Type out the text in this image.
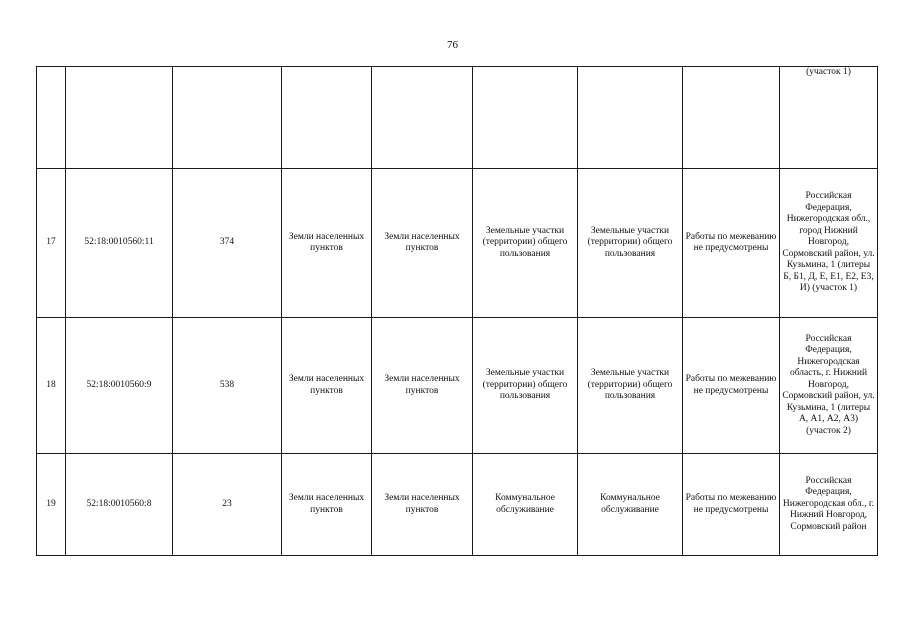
76
								(участок 1)
17	52:18:0010560:11	374	Земли населенных пунктов	Земли населенных пунктов	Земельные участки (территории) общего пользования	Земельные участки (территории) общего пользования	Работы по межеванию не предусмотрены	Российская Федерация, Нижегородская обл., город Нижний Новгород, Сормовский район, ул. Кузьмина, 1 (литеры Б, Б1, Д, Е, Е1, Е2, Е3, И) (участок 1)
18	52:18:0010560:9	538	Земли населенных пунктов	Земли населенных пунктов	Земельные участки (территории) общего пользования	Земельные участки (территории) общего пользования	Работы по межеванию не предусмотрены	Российская Федерация, Нижегородская область, г. Нижний Новгород, Сормовский район, ул. Кузьмина, 1 (литеры А, А1, А2, А3) (участок 2)
19	52:18:0010560:8	23	Земли населенных пунктов	Земли населенных пунктов	Коммунальное обслуживание	Коммунальное обслуживание	Работы по межеванию не предусмотрены	Российская Федерация, Нижегородская обл., г. Нижний Новгород, Сормовский район
